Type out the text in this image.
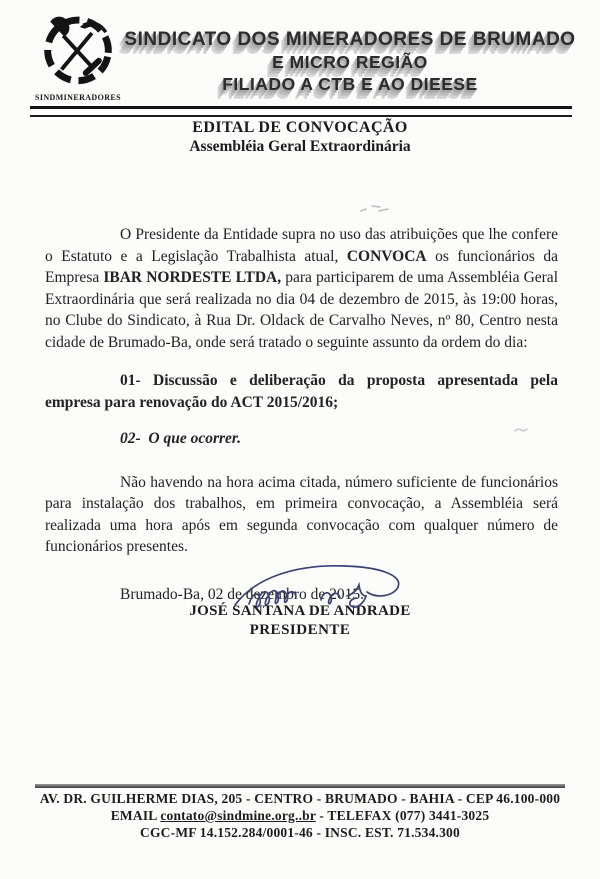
SINDMINERADORES
SINDICATO DOS MINERADORES DE BRUMADO
E MICRO REGIÃO
FILIADO A CTB E AO DIEESE
EDITAL DE CONVOCAÇÃO
Assembléia Geral Extraordinária

O Presidente da Entidade supra no uso das atribuições que lhe confere o Estatuto e a Legislação Trabalhista atual, CONVOCA os funcionários da Empresa IBAR NORDESTE LTDA, para participarem de uma Assembléia Geral Extraordinária que será realizada no dia 04 de dezembro de 2015, às 19:00 horas, no Clube do Sindicato, à Rua Dr. Oldack de Carvalho Neves, nº 80, Centro nesta cidade de Brumado-Ba, onde será tratado o seguinte assunto da ordem do dia:

01- Discussão e deliberação da proposta apresentada pela
empresa para renovação do ACT 2015/2016;

02-  O que ocorrer.

Não havendo na hora acima citada, número suficiente de funcionários para instalação dos trabalhos, em primeira convocação, a Assembléia será realizada uma hora após em segunda convocação com qualquer número de funcionários presentes.

Brumado-Ba, 02 de dezembro de 2015.

JOSÉ SANTANA DE ANDRADE
PRESIDENTE
AV. DR. GUILHERME DIAS, 205 - CENTRO - BRUMADO - BAHIA - CEP 46.100-000
EMAIL contato@sindmine.org..br - TELEFAX (077) 3441-3025
CGC-MF 14.152.284/0001-46 - INSC. EST. 71.534.300
